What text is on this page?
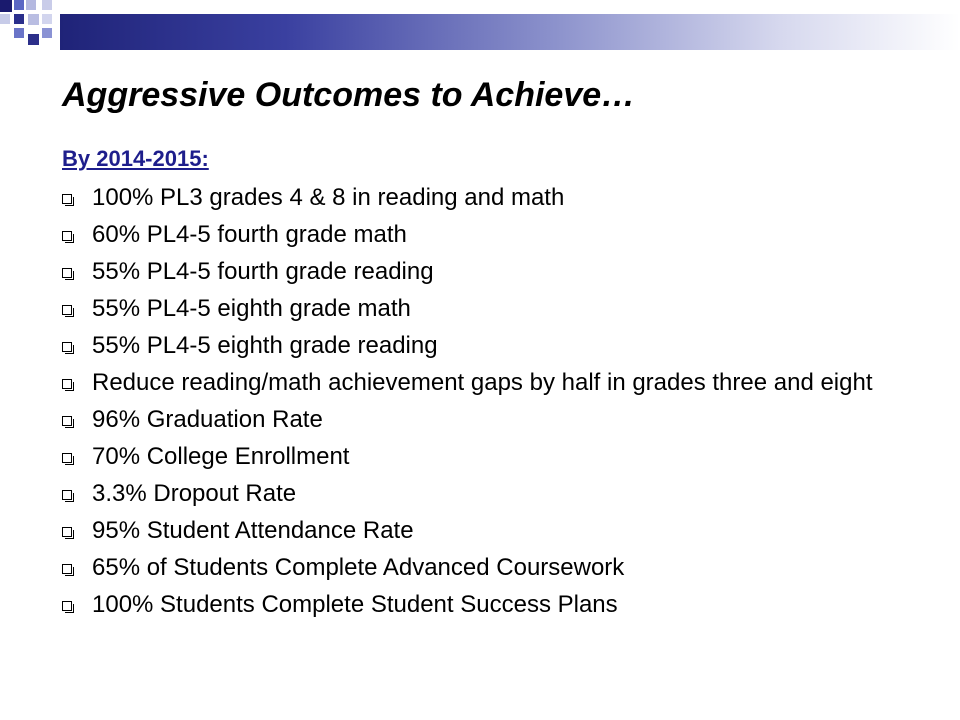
Aggressive Outcomes to Achieve…
By 2014-2015:
100% PL3 grades 4 & 8 in reading and math
60% PL4-5 fourth grade math
55% PL4-5 fourth grade reading
55% PL4-5 eighth grade math
55% PL4-5 eighth grade reading
Reduce reading/math achievement gaps by half in grades three and eight
96% Graduation Rate
70% College Enrollment
3.3% Dropout Rate
95% Student Attendance Rate
65% of Students Complete Advanced Coursework
100% Students Complete Student Success Plans
